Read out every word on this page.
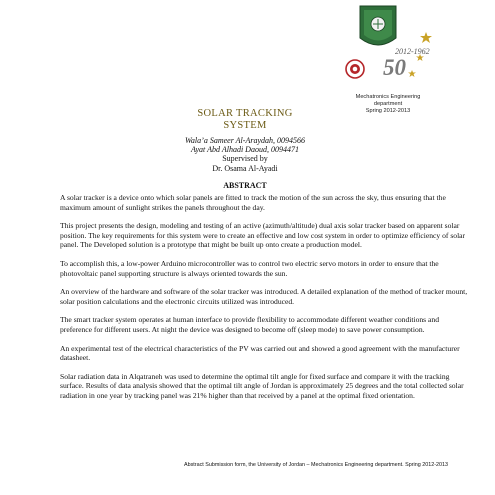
2012-1962
50
Mechatronics Engineering
department
Spring 2012-2013
SOLAR TRACKING
SYSTEM
Wala’a Sameer Al-Araydah, 0094566
Ayat Abd Alhadi Daoud, 0094471
Supervised by
Dr. Osama Al-Ayadi
ABSTRACT

A solar tracker is a device onto which solar panels are fitted to track the motion of the sun across the sky, thus ensuring that the maximum amount of sunlight strikes the panels throughout the day.

This project presents the design, modeling and testing of an active (azimuth/altitude) dual axis solar tracker based on apparent solar position. The key requirements for this system were to create an effective and low cost system in order to optimize efficiency of solar panel. The Developed solution is a prototype that might be built up onto create a production model.

To accomplish this, a low-power Arduino microcontroller was to control two electric servo motors in order to ensure that the photovoltaic panel supporting structure is always oriented towards the sun.

An overview of the hardware and software of the solar tracker was introduced. A detailed explanation of the method of tracker mount, solar position calculations and the electronic circuits utilized was introduced.

The smart tracker system operates at human interface to provide flexibility to accommodate different weather conditions and preference for different users. At night the device was designed to become off (sleep mode) to save power consumption.

An experimental test of the electrical characteristics of the PV was carried out and showed a good agreement with the manufacturer datasheet.

Solar radiation data in Alqatraneh was used to determine the optimal tilt angle for fixed surface and compare it with the tracking surface. Results of data analysis showed that the optimal tilt angle of Jordan is approximately 25 degrees and the total collected solar radiation in one year by tracking panel was 21% higher than that received by a panel at the optimal fixed orientation.

Abstract Submission form, the University of Jordan – Mechatronics Engineering department. Spring 2012-2013
